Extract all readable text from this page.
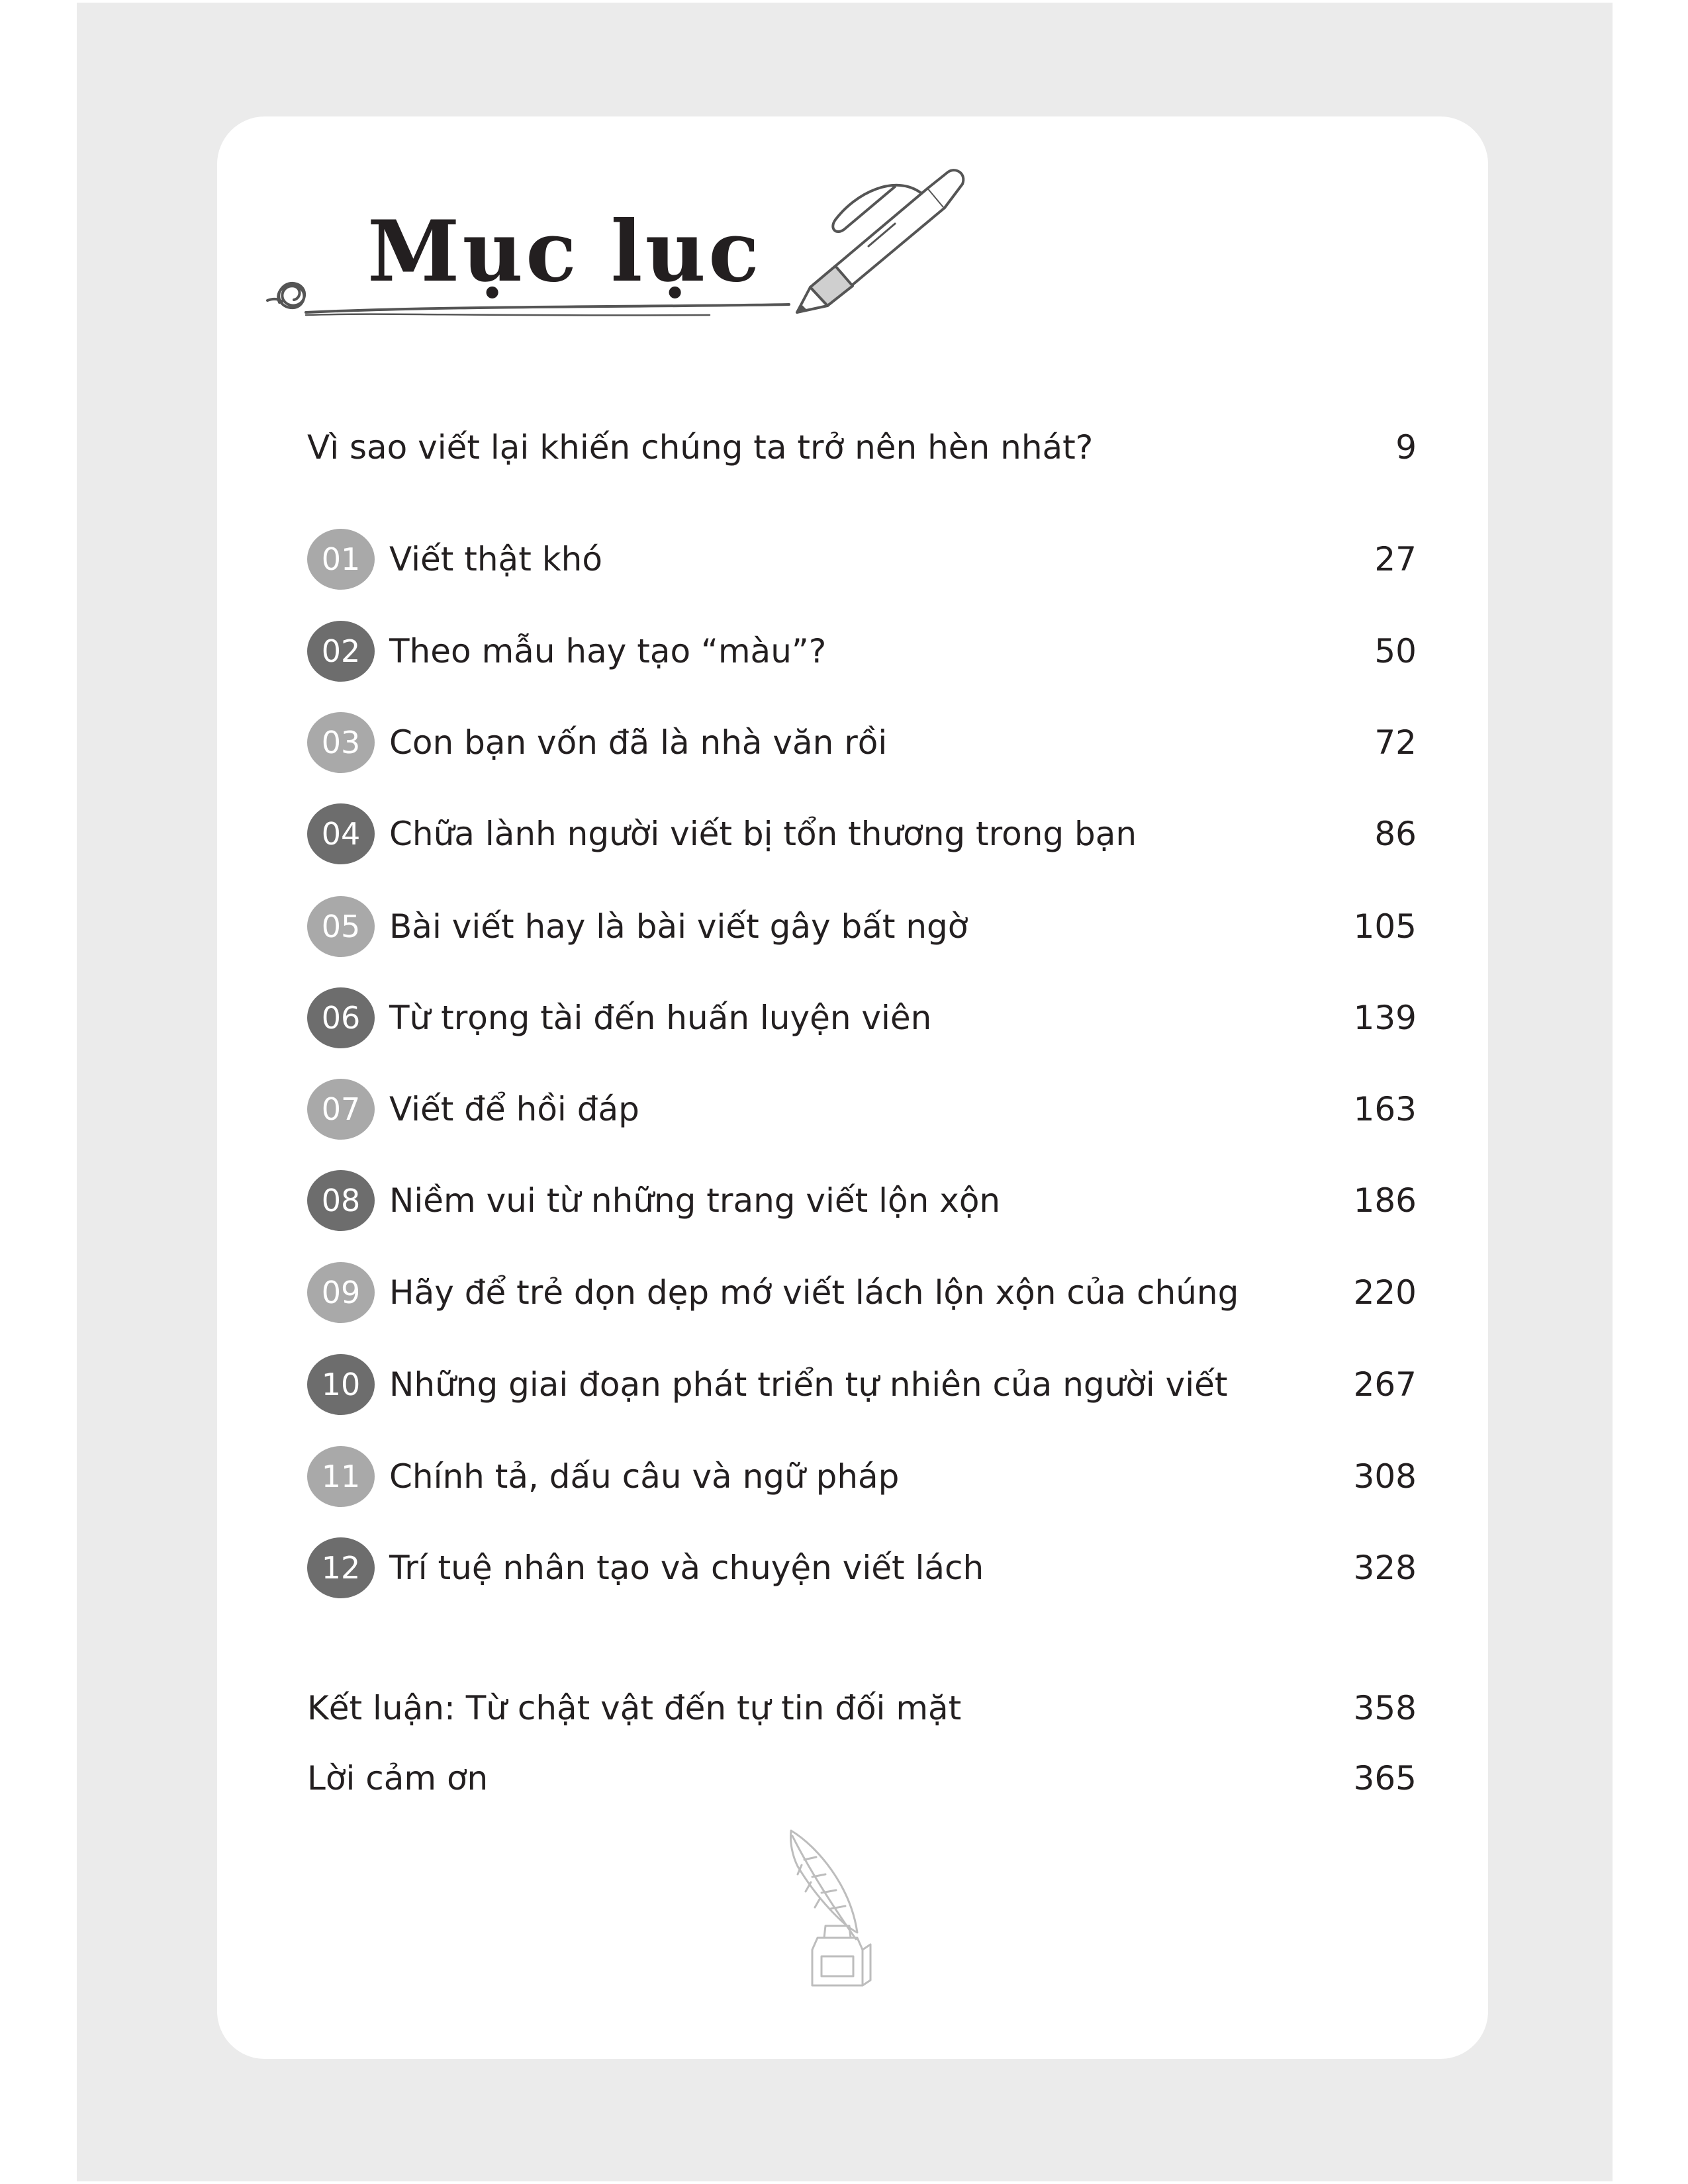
Mục lục
Vì sao viết lại khiến chúng ta trở nên hèn nhát?	9
01 Viết thật khó	27
02 Theo mẫu hay tạo “màu”?	50
03 Con bạn vốn đã là nhà văn rồi	72
04 Chữa lành người viết bị tổn thương trong bạn	86
05 Bài viết hay là bài viết gây bất ngờ	105
06 Từ trọng tài đến huấn luyện viên	139
07 Viết để hồi đáp	163
08 Niềm vui từ những trang viết lộn xộn	186
09 Hãy để trẻ dọn dẹp mớ viết lách lộn xộn của chúng	220
10 Những giai đoạn phát triển tự nhiên của người viết	267
11 Chính tả, dấu câu và ngữ pháp	308
12 Trí tuệ nhân tạo và chuyện viết lách	328
Kết luận: Từ chật vật đến tự tin đối mặt	358
Lời cảm ơn	365
